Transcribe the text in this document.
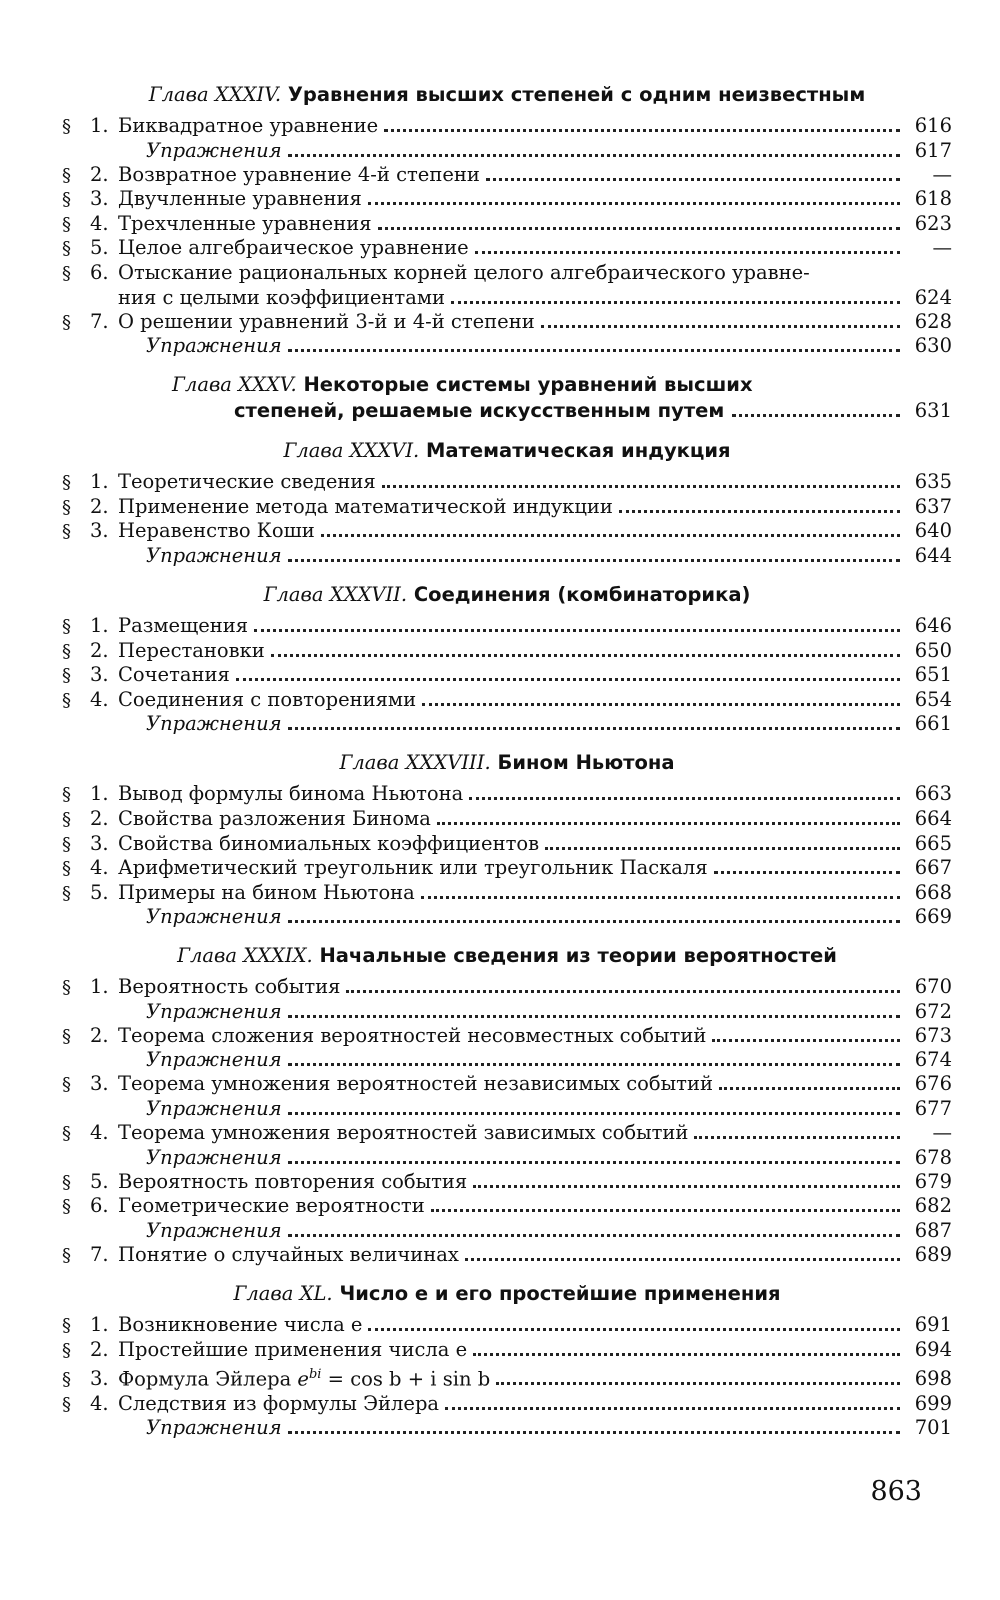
Глава XXXIV. Уравнения высших степеней с одним неизвестным
§ 1. Биквадратное уравнение	616
Упражнения	617
§ 2. Возвратное уравнение 4-й степени	—
§ 3. Двучленные уравнения	618
§ 4. Трехчленные уравнения	623
§ 5. Целое алгебраическое уравнение	—
§ 6. Отыскание рациональных корней целого алгебраического уравне-
ния с целыми коэффициентами	624
§ 7. О решении уравнений 3-й и 4-й степени	628
Упражнения	630
Глава XXXV. Некоторые системы уравнений высших
степеней, решаемые искусственным путем	631
Глава XXXVI. Математическая индукция
§ 1. Теоретические сведения	635
§ 2. Применение метода математической индукции	637
§ 3. Неравенство Коши	640
Упражнения	644
Глава XXXVII. Соединения (комбинаторика)
§ 1. Размещения	646
§ 2. Перестановки	650
§ 3. Сочетания	651
§ 4. Соединения с повторениями	654
Упражнения	661
Глава XXXVIII. Бином Ньютона
§ 1. Вывод формулы бинома Ньютона	663
§ 2. Свойства разложения Бинома	664
§ 3. Свойства биномиальных коэффициентов	665
§ 4. Арифметический треугольник или треугольник Паскаля	667
§ 5. Примеры на бином Ньютона	668
Упражнения	669
Глава XXXIX. Начальные сведения из теории вероятностей
§ 1. Вероятность события	670
Упражнения	672
§ 2. Теорема сложения вероятностей несовместных событий	673
Упражнения	674
§ 3. Теорема умножения вероятностей независимых событий	676
Упражнения	677
§ 4. Теорема умножения вероятностей зависимых событий	—
Упражнения	678
§ 5. Вероятность повторения события	679
§ 6. Геометрические вероятности	682
Упражнения	687
§ 7. Понятие о случайных величинах	689
Глава XL. Число e и его простейшие применения
§ 1. Возникновение числа e	691
§ 2. Простейшие применения числа e	694
§ 3. Формула Эйлера $e^{bi} = \cos b + i$ sin b	698
§ 4. Следствия из формулы Эйлера	699
Упражнения	701
863
